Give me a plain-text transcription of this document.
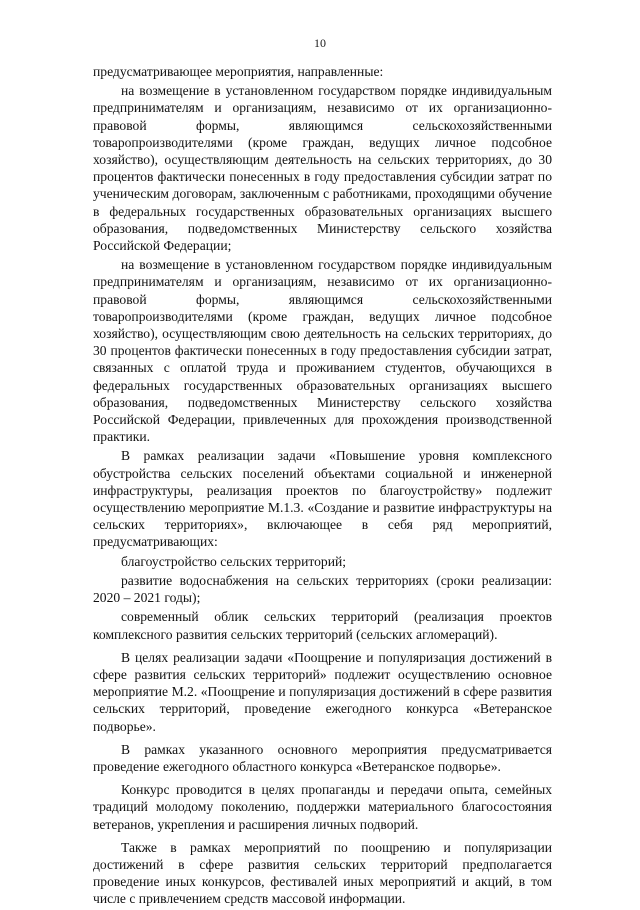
10

предусматривающее мероприятия, направленные:

на возмещение в установленном государством порядке индивидуальным предпринимателям и организациям, независимо от их организационно-правовой формы, являющимся сельскохозяйственными товаропроизводителями (кроме граждан, ведущих личное подсобное хозяйство), осуществляющим деятельность на сельских территориях, до 30 процентов фактически понесенных в году предоставления субсидии затрат по ученическим договорам, заключенным с работниками, проходящими обучение в федеральных государственных образовательных организациях высшего образования, подведомственных Министерству сельского хозяйства Российской Федерации;

на возмещение в установленном государством порядке индивидуальным предпринимателям и организациям, независимо от их организационно-правовой формы, являющимся сельскохозяйственными товаропроизводителями (кроме граждан, ведущих личное подсобное хозяйство), осуществляющим свою деятельность на сельских территориях, до 30 процентов фактически понесенных в году предоставления субсидии затрат, связанных с оплатой труда и проживанием студентов, обучающихся в федеральных государственных образовательных организациях высшего образования, подведомственных Министерству сельского хозяйства Российской Федерации, привлеченных для прохождения производственной практики.

В рамках реализации задачи «Повышение уровня комплексного обустройства сельских поселений объектами социальной и инженерной инфраструктуры, реализация проектов по благоустройству» подлежит осуществлению мероприятие М.1.3. «Создание и развитие инфраструктуры на сельских территориях», включающее в себя ряд мероприятий, предусматривающих:

благоустройство сельских территорий;

развитие водоснабжения на сельских территориях (сроки реализации: 2020 – 2021 годы);

современный облик сельских территорий (реализация проектов комплексного развития сельских территорий (сельских агломераций).

В целях реализации задачи «Поощрение и популяризация достижений в сфере развития сельских территорий» подлежит осуществлению основное мероприятие М.2. «Поощрение и популяризация достижений в сфере развития сельских территорий, проведение ежегодного конкурса «Ветеранское подворье».

В рамках указанного основного мероприятия предусматривается проведение ежегодного областного конкурса «Ветеранское подворье».

Конкурс проводится в целях пропаганды и передачи опыта, семейных традиций молодому поколению, поддержки материального благосостояния ветеранов, укрепления и расширения личных подворий.

Также в рамках мероприятий по поощрению и популяризации достижений в сфере развития сельских территорий предполагается проведение иных конкурсов, фестивалей иных мероприятий и акций, в том числе с привлечением средств массовой информации.
